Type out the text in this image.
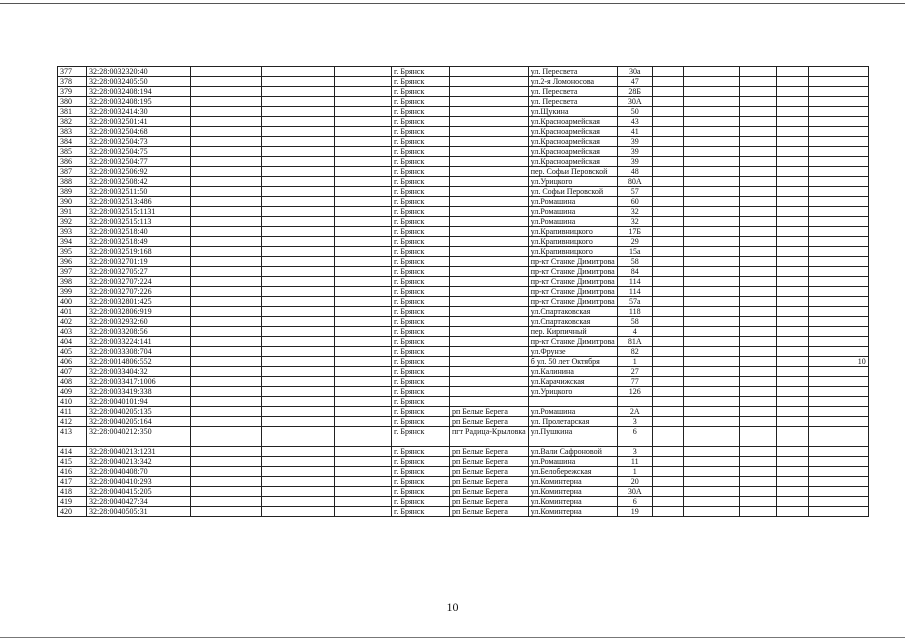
377	32:28:0032320:40				г. Брянск		ул. Пересвета	30а					
378	32:28:0032405:50				г. Брянск		ул.2-я Ломоносова	47					
379	32:28:0032408:194				г. Брянск		ул. Пересвета	28Б					
380	32:28:0032408:195				г. Брянск		ул. Пересвета	30А					
381	32:28:0032414:30				г. Брянск		ул.Щукина	50					
382	32:28:0032501:41				г. Брянск		ул.Красноармейская	43					
383	32:28:0032504:68				г. Брянск		ул.Красноармейская	41					
384	32:28:0032504:73				г. Брянск		ул.Красноармейская	39					
385	32:28:0032504:75				г. Брянск		ул.Красноармейская	39					
386	32:28:0032504:77				г. Брянск		ул.Красноармейская	39					
387	32:28:0032506:92				г. Брянск		пер. Софьи Перовской	48					
388	32:28:0032508:42				г. Брянск		ул.Урицкого	80А					
389	32:28:0032511:50				г. Брянск		ул. Софьи Перовской	57					
390	32:28:0032513:486				г. Брянск		ул.Ромашина	60					
391	32:28:0032515:1131				г. Брянск		ул.Ромашина	32					
392	32:28:0032515:113				г. Брянск		ул.Ромашина	32					
393	32:28:0032518:40				г. Брянск		ул.Крапивницкого	17Б					
394	32:28:0032518:49				г. Брянск		ул.Крапивницкого	29					
395	32:28:0032519:168				г. Брянск		ул.Крапивницкого	15а					
396	32:28:0032701:19				г. Брянск		пр-кт Станке Димитрова	58					
397	32:28:0032705:27				г. Брянск		пр-кт Станке Димитрова	84					
398	32:28:0032707:224				г. Брянск		пр-кт Станке Димитрова	114					
399	32:28:0032707:226				г. Брянск		пр-кт Станке Димитрова	114					
400	32:28:0032801:425				г. Брянск		пр-кт Станке Димитрова	57а					
401	32:28:0032806:919				г. Брянск		ул.Спартаковская	118					
402	32:28:0032932:60				г. Брянск		ул.Спартаковская	58					
403	32:28:0033208:56				г. Брянск		пер. Кирпичный	4					
404	32:28:0033224:141				г. Брянск		пр-кт Станке Димитрова	81А					
405	32:28:0033308:704				г. Брянск		ул.Фрунзе	82					
406	32:28:0014806:552				г. Брянск		б ул. 50 лет Октября	1					10
407	32:28:0033404:32				г. Брянск		ул.Калинина	27					
408	32:28:0033417:1006				г. Брянск		ул.Карачижская	77					
409	32:28:0033419:338				г. Брянск		ул.Урицкого	126					
410	32:28:0040101:94				г. Брянск								
411	32:28:0040205:135				г. Брянск	рп Белые Берега	ул.Ромашина	2А					
412	32:28:0040205:164				г. Брянск	рп Белые Берега	ул. Пролетарская	3					
413	32:28:0040212:350				г. Брянск	пгт Радица-Крыловка	ул.Пушкина	6					
414	32:28:0040213:1231				г. Брянск	рп Белые Берега	ул.Вали Сафроновой	3					
415	32:28:0040213:342				г. Брянск	рп Белые Берега	ул.Ромашина	11					
416	32:28:0040408:70				г. Брянск	рп Белые Берега	ул.Белобережская	1					
417	32:28:0040410:293				г. Брянск	рп Белые Берега	ул.Коминтерна	20					
418	32:28:0040415:205				г. Брянск	рп Белые Берега	ул.Коминтерна	30А					
419	32:28:0040427:34				г. Брянск	рп Белые Берега	ул.Коминтерна	6					
420	32:28:0040505:31				г. Брянск	рп Белые Берега	ул.Коминтерна	19					
10
